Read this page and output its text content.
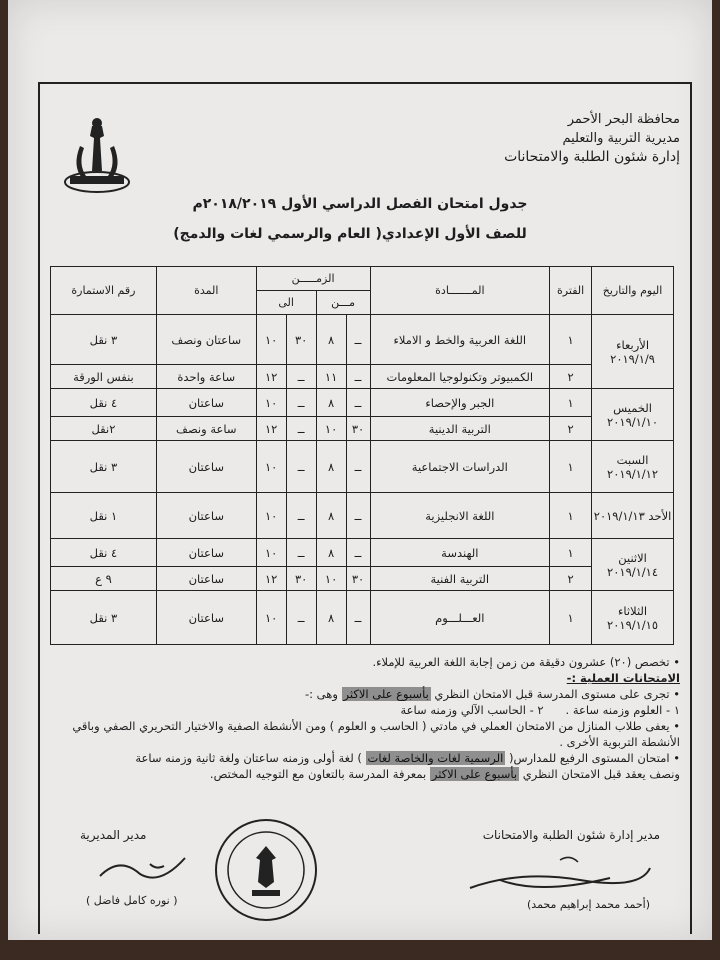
محافظة البحر الأحمر
مديرية التربية والتعليم
إدارة شئون الطلبة والامتحانات
جدول امتحان الفصل الدراسي الأول ٢٠١٨/٢٠١٩م
للصف الأول الإعدادي( العام والرسمي لغات والدمج)
اليوم والتاريخ	الفترة	المـــــــادة	الزمـــــن				المدة	رقم الاستمارة
			مـــن		الى			
الأربعاء ٢٠١٩/١/٩	١	اللغة العربية والخط و الاملاء	ــ	٨	٣٠	١٠	ساعتان ونصف	٣ نقل
	٢	الكمبيوتر وتكنولوجيا المعلومات	ــ	١١	ــ	١٢	ساعة واحدة	بنفس الورقة
الخميس ٢٠١٩/١/١٠	١	الجبر والإحصاء	ــ	٨	ــ	١٠	ساعتان	٤ نقل
	٢	التربية الدينية	٣٠	١٠	ــ	١٢	ساعة ونصف	٢نقل
السبت ٢٠١٩/١/١٢	١	الدراسات الاجتماعية	ــ	٨	ــ	١٠	ساعتان	٣ نقل
الأحد ٢٠١٩/١/١٣	١	اللغة الانجليزية	ــ	٨	ــ	١٠	ساعتان	١ نقل
الاثنين ٢٠١٩/١/١٤	١	الهندسة	ــ	٨	ــ	١٠	ساعتان	٤ نقل
	٢	التربية الفنية	٣٠	١٠	٣٠	١٢	ساعتان	٩ ع
الثلاثاء ٢٠١٩/١/١٥	١	العـــلـــوم	ــ	٨	ــ	١٠	ساعتان	٣ نقل

• تخصص (٢٠) عشرون دقيقة من زمن إجابة اللغة العربية للإملاء.

الامتحانات العملية :-

• تجرى على مستوى المدرسة قبل الامتحان النظري بأسبوع على الاكثر وهى :-

١ - العلوم وزمنه ساعة .      ٢ - الحاسب الآلي وزمنه ساعة

• يعفى طلاب المنازل من الامتحان العملي في مادتي ( الحاسب و العلوم ) ومن الأنشطة الصفية والاختيار التحريري الصفي وباقي الأنشطة التربوية الأخرى .

• امتحان المستوى الرفيع للمدارس( الرسمية لغات والخاصة لغات ) لغة أولى وزمنه ساعتان ولغة ثانية وزمنه ساعة

ونصف يعقد قبل الامتحان النظري بأسبوع على الاكثر بمعرفة المدرسة بالتعاون مع التوجيه المختص.

مدير إدارة شئون الطلبة والامتحانات
(أحمد محمد إبراهيم محمد)
مدير المديرية
( نوره كامل فاضل )
